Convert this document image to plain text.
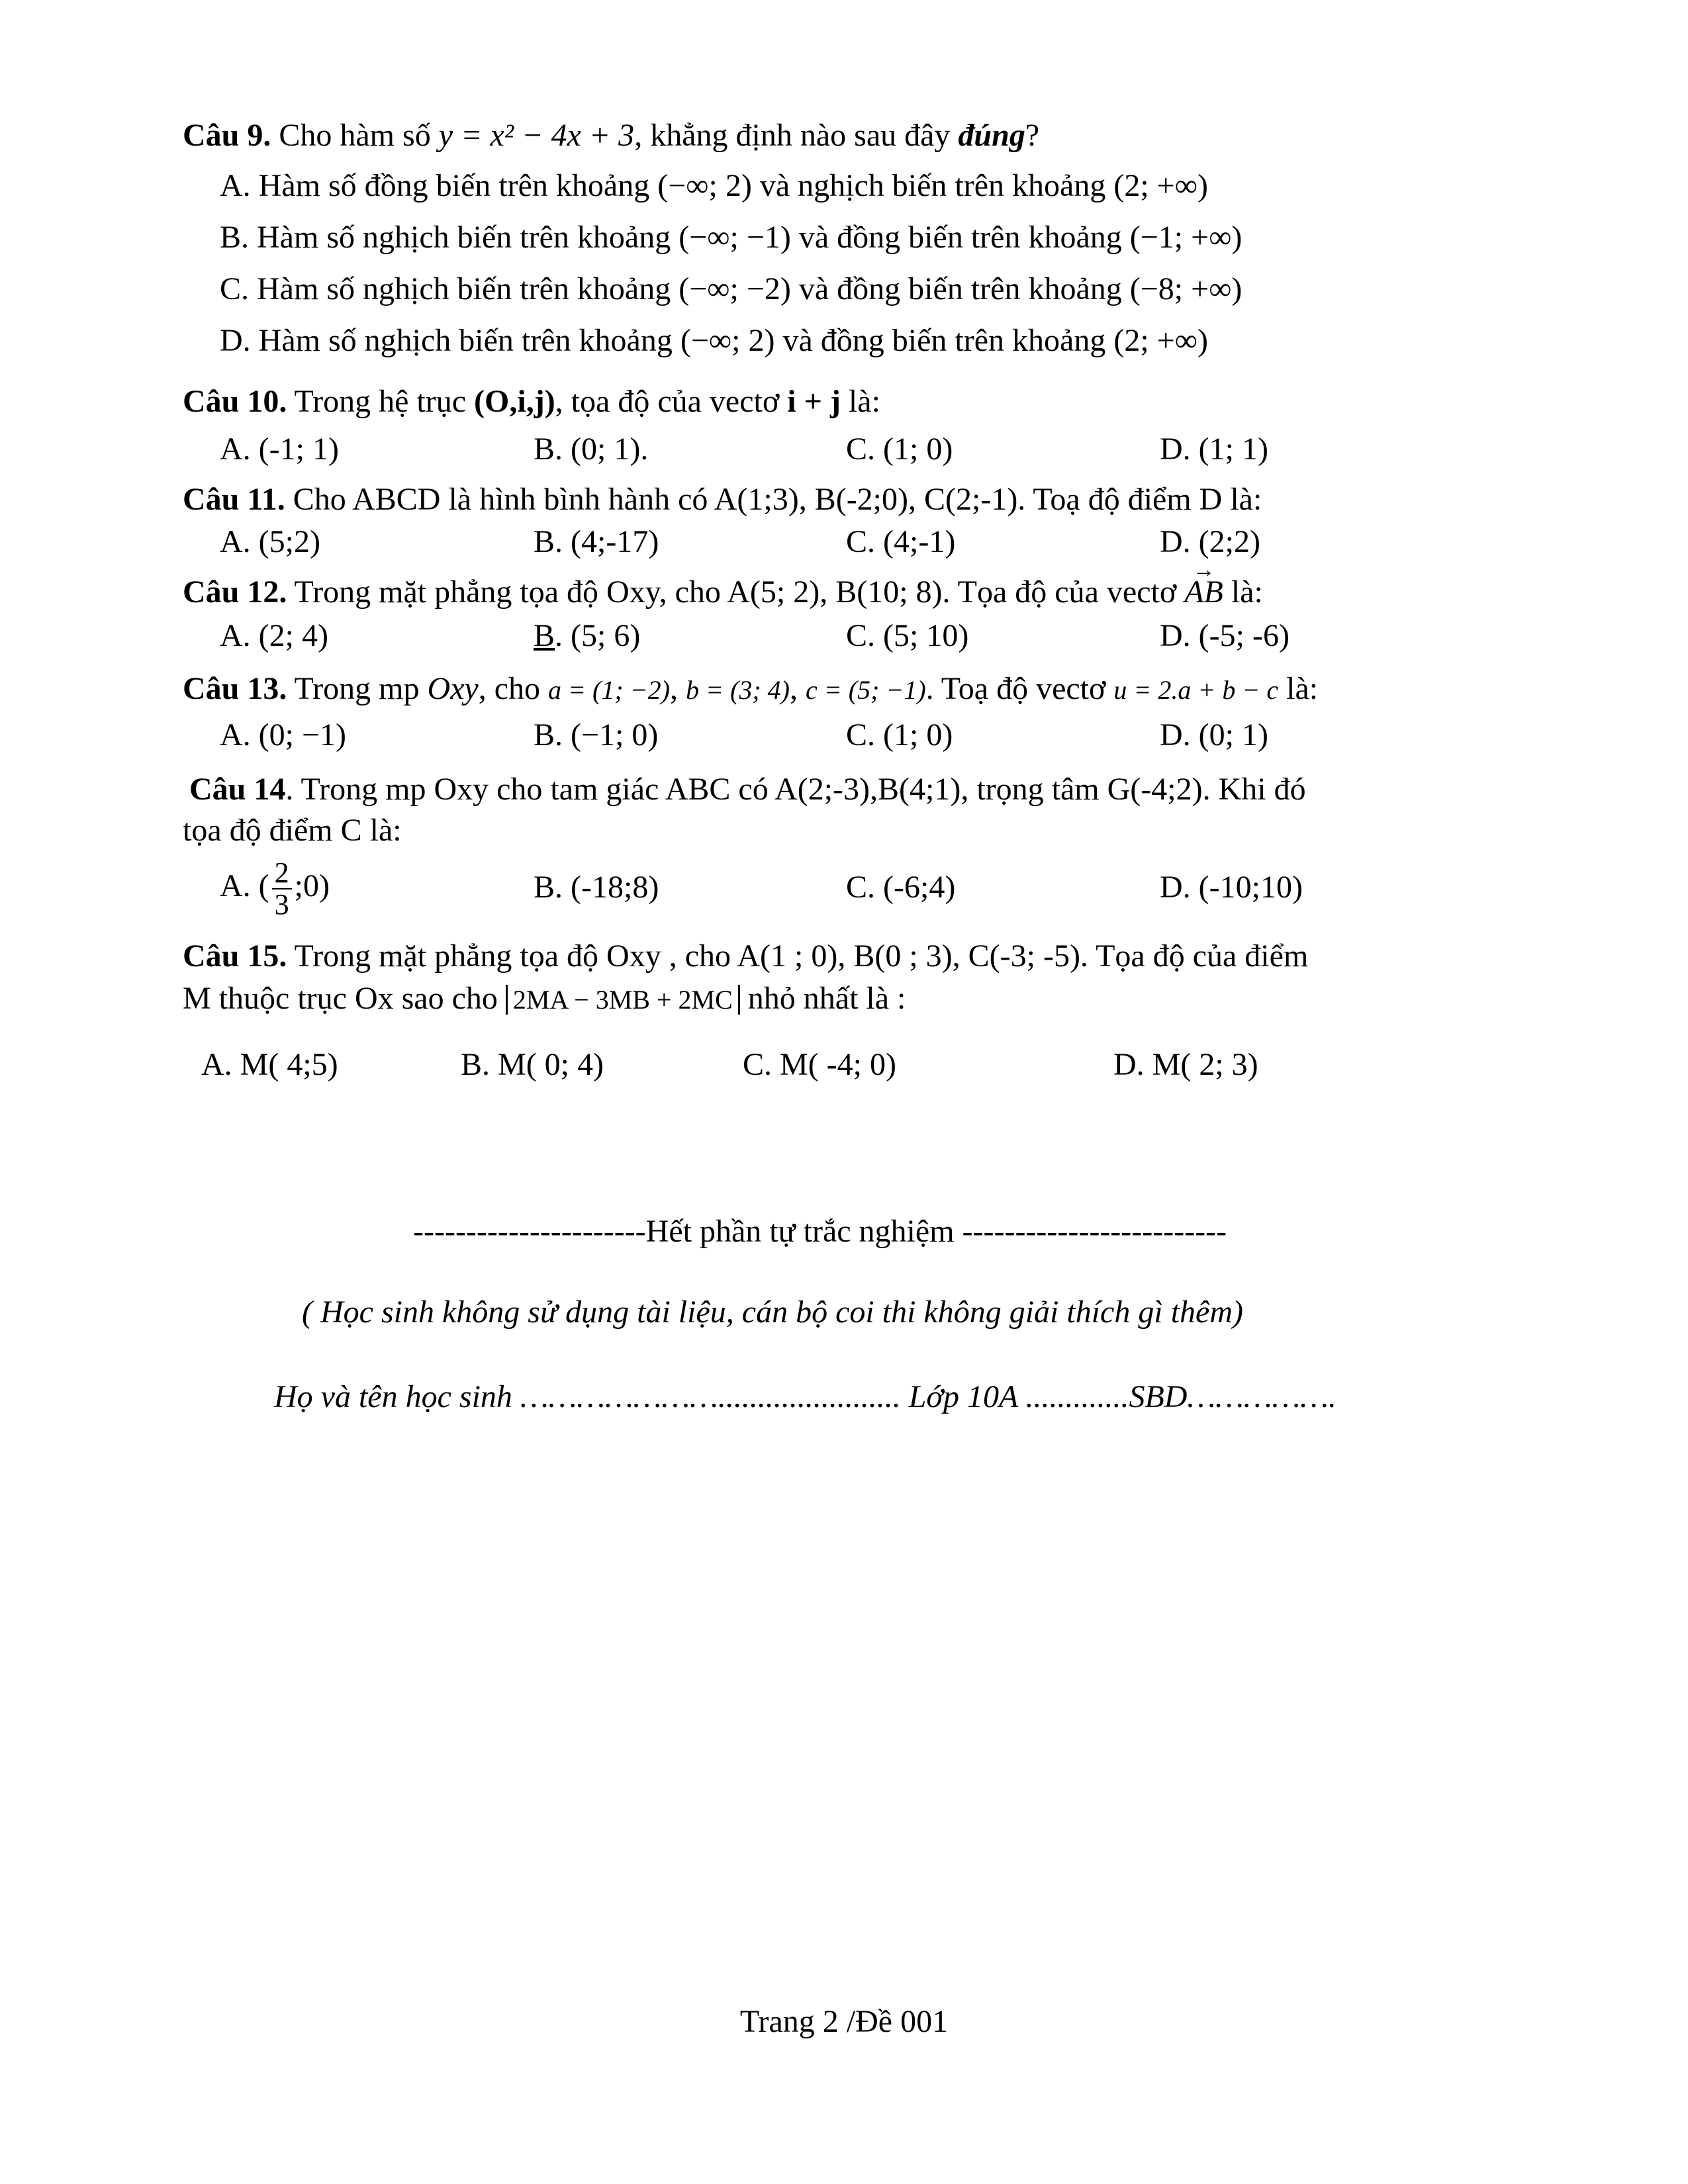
Câu 9. Cho hàm số y = x² − 4x + 3, khẳng định nào sau đây đúng?
A. Hàm số đồng biến trên khoảng (−∞; 2) và nghịch biến trên khoảng (2; +∞)
B. Hàm số nghịch biến trên khoảng (−∞; −1) và đồng biến trên khoảng (−1; +∞)
C. Hàm số nghịch biến trên khoảng (−∞; −2) và đồng biến trên khoảng (−8; +∞)
D. Hàm số nghịch biến trên khoảng (−∞; 2) và đồng biến trên khoảng (2; +∞)
Câu 10. Trong hệ trục (O,i,j), tọa độ của vectơ i + j là:
A. (-1; 1)	B. (0; 1).	C. (1; 0)	D. (1; 1)
Câu 11. Cho ABCD là hình bình hành có A(1;3), B(-2;0), C(2;-1). Toạ độ điểm D là:
A. (5;2)	B. (4;-17)	C. (4;-1)	D. (2;2)
Câu 12. Trong mặt phẳng tọa độ Oxy, cho A(5; 2), B(10; 8). Tọa độ của vectơ → AB là:
A. (2; 4)	B. (5; 6)	C. (5; 10)	D. (-5; -6)
Câu 13. Trong mp Oxy, cho a = (1; −2), b = (3; 4), c = (5; −1). Toạ độ vectơ u = 2.a + b − c là:
A. (0; −1)	B. (−1; 0)	C. (1; 0)	D. (0; 1)
Câu 14. Trong mp Oxy cho tam giác ABC có A(2;-3),B(4;1), trọng tâm G(-4;2). Khi đó
tọa độ điểm C là:
A. ( $\frac{2}{3}$ ;0)	B. (-18;8)	C. (-6;4)	D. (-10;10)
Câu 15. Trong mặt phẳng tọa độ Oxy , cho A(1 ; 0), B(0 ; 3), C(-3; -5). Tọa độ của điểm
M thuộc trục Ox sao cho 2MA − 3MB + 2MC nhỏ nhất là :
A. M( 4;5)	B. M( 0; 4)	C. M( -4; 0)	D. M( 2; 3)
----------------------Hết phần tự trắc nghiệm -------------------------
( Học sinh không sử dụng tài liệu, cán bộ coi thi không giải thích gì thêm)
Họ và tên học sinh …………………....................... Lớp 10A .............SBD…………….
Trang 2 /Đề 001
